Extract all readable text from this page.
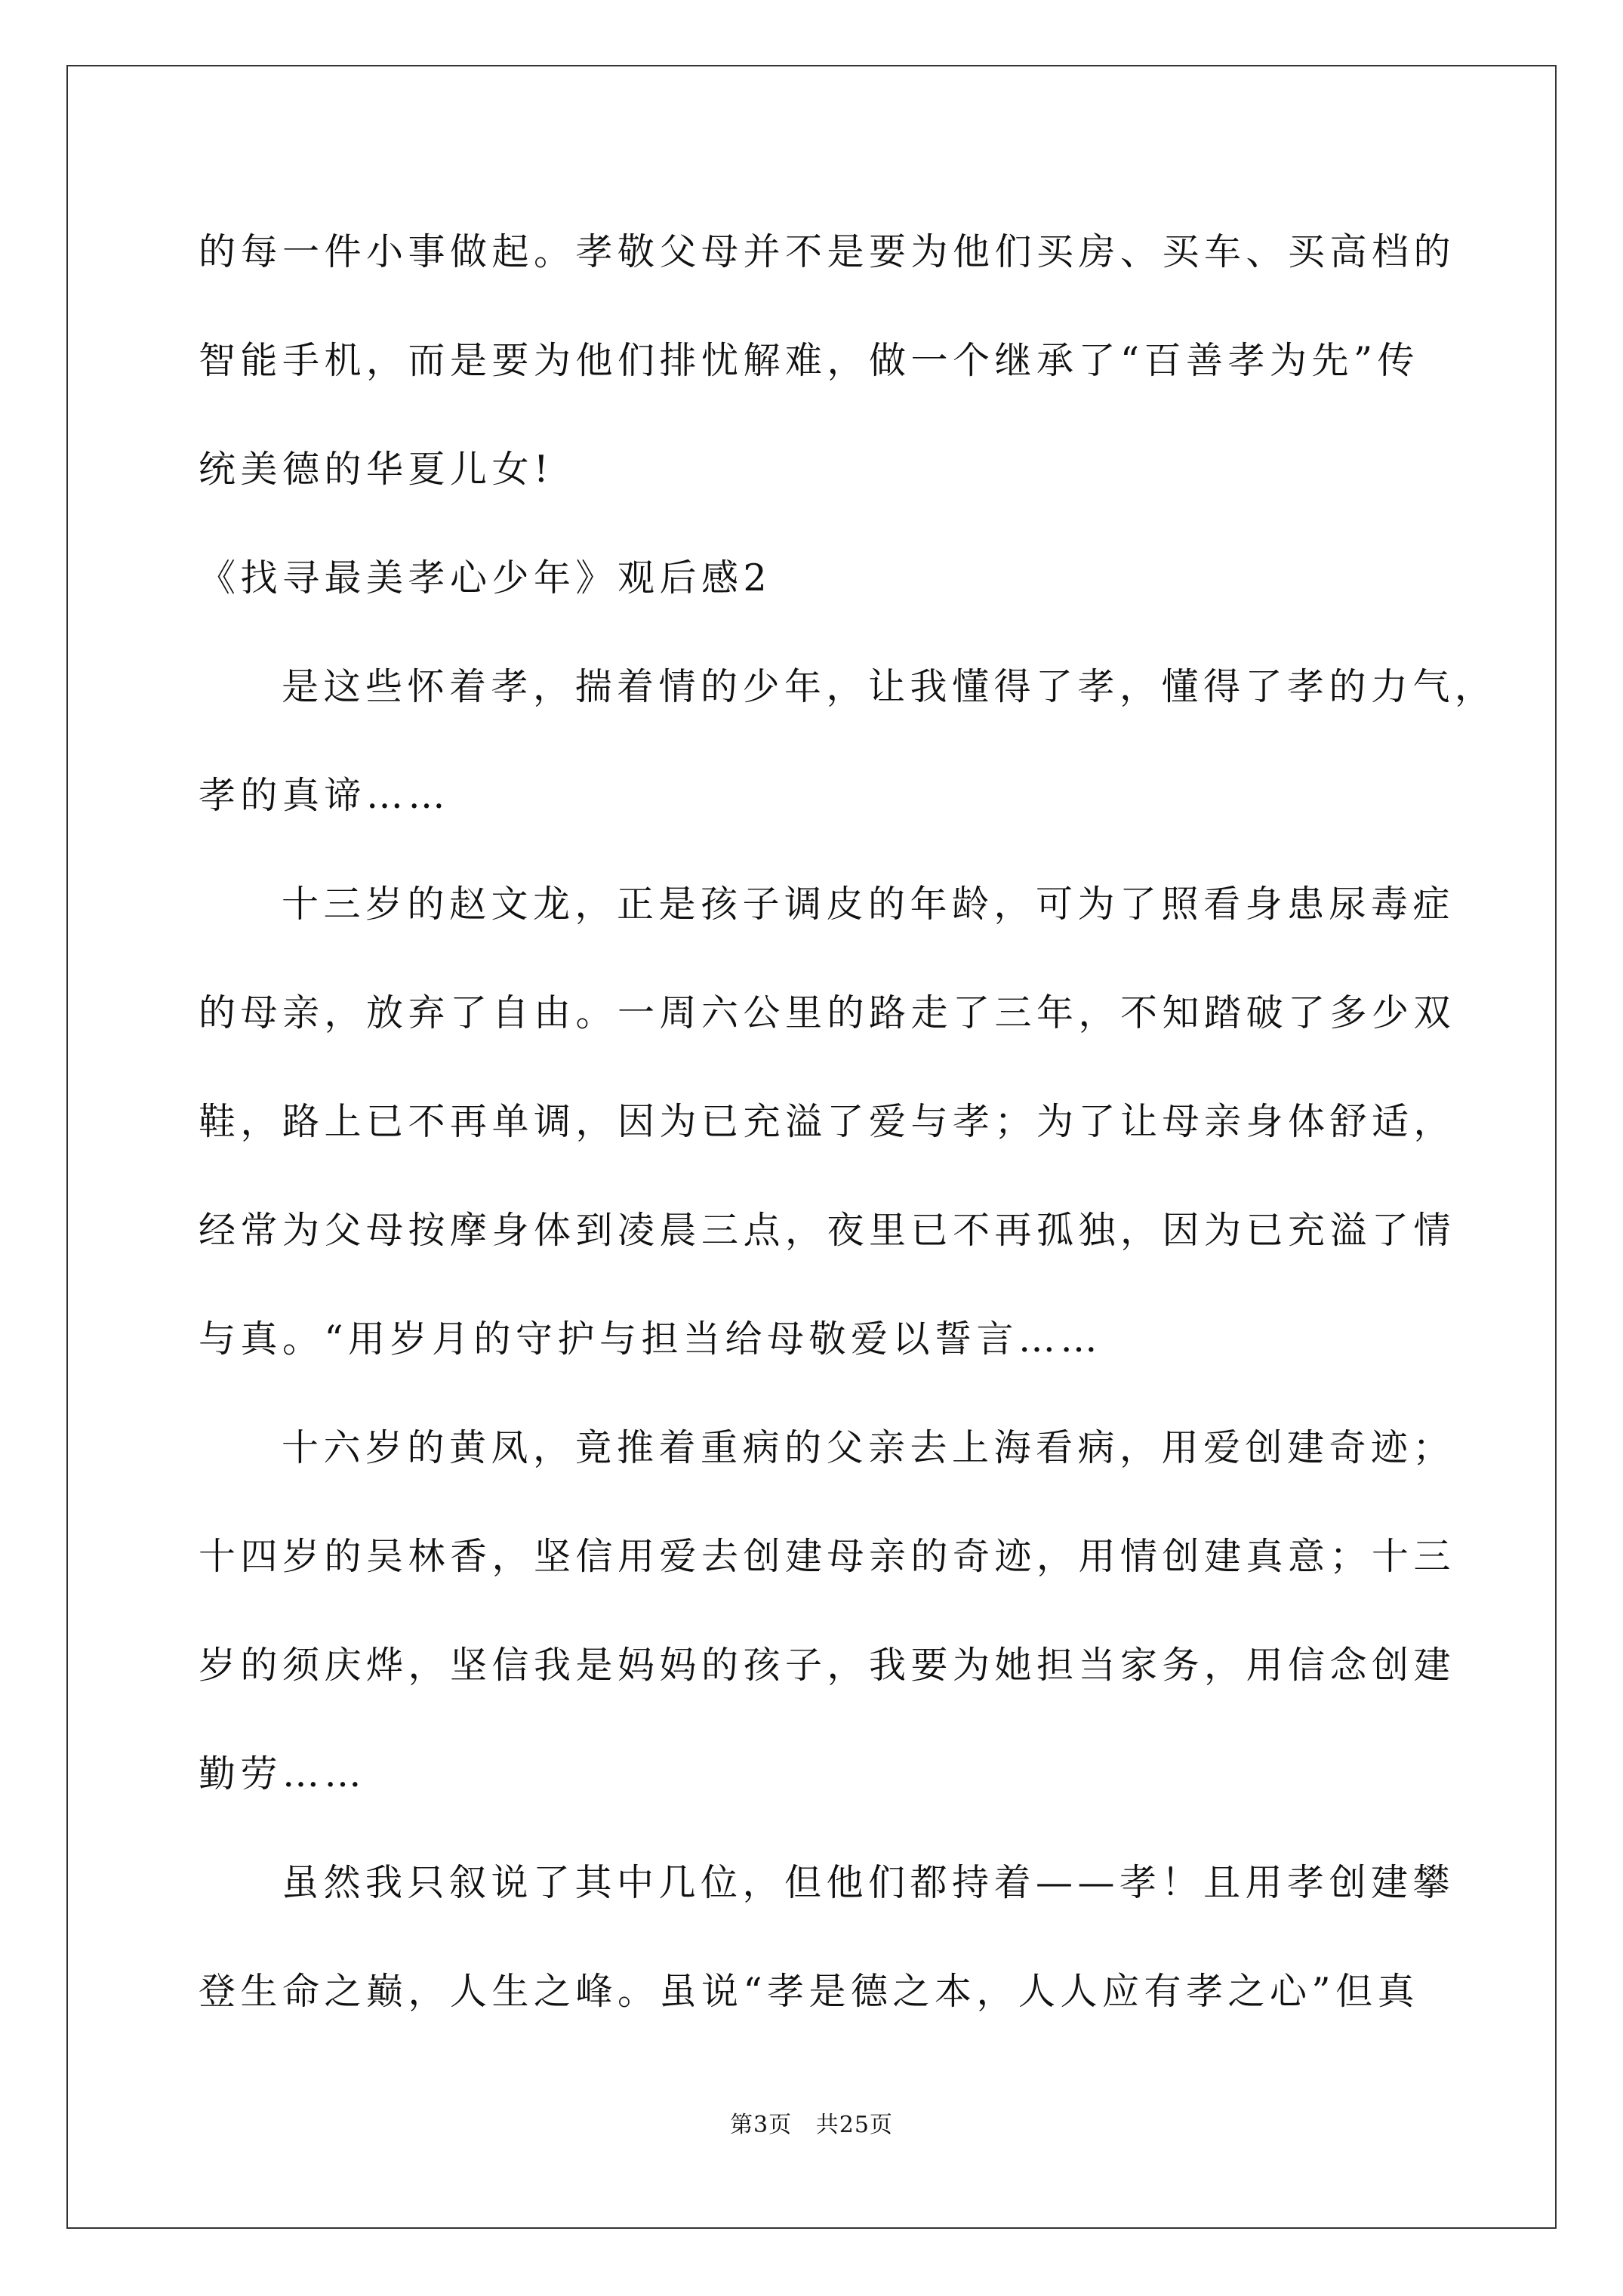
的每一件小事做起。孝敬父母并不是要为他们买房、买车、买高档的
智能手机，而是要为他们排忧解难，做一个继承了“百善孝为先”传
统美德的华夏儿女!
《找寻最美孝心少年》观后感2
是这些怀着孝，揣着情的少年，让我懂得了孝，懂得了孝的力气，
孝的真谛……
十三岁的赵文龙，正是孩子调皮的年龄，可为了照看身患尿毒症
的母亲，放弃了自由。一周六公里的路走了三年，不知踏破了多少双
鞋，路上已不再单调，因为已充溢了爱与孝；为了让母亲身体舒适，
经常为父母按摩身体到凌晨三点，夜里已不再孤独，因为已充溢了情
与真。“用岁月的守护与担当给母敬爱以誓言……
十六岁的黄凤，竟推着重病的父亲去上海看病，用爱创建奇迹；
十四岁的吴林香，坚信用爱去创建母亲的奇迹，用情创建真意；十三
岁的须庆烨，坚信我是妈妈的孩子，我要为她担当家务，用信念创建
勤劳……
虽然我只叙说了其中几位，但他们都持着——孝！且用孝创建攀
登生命之巅，人生之峰。虽说“孝是德之本，人人应有孝之心”但真
第3页   共25页
